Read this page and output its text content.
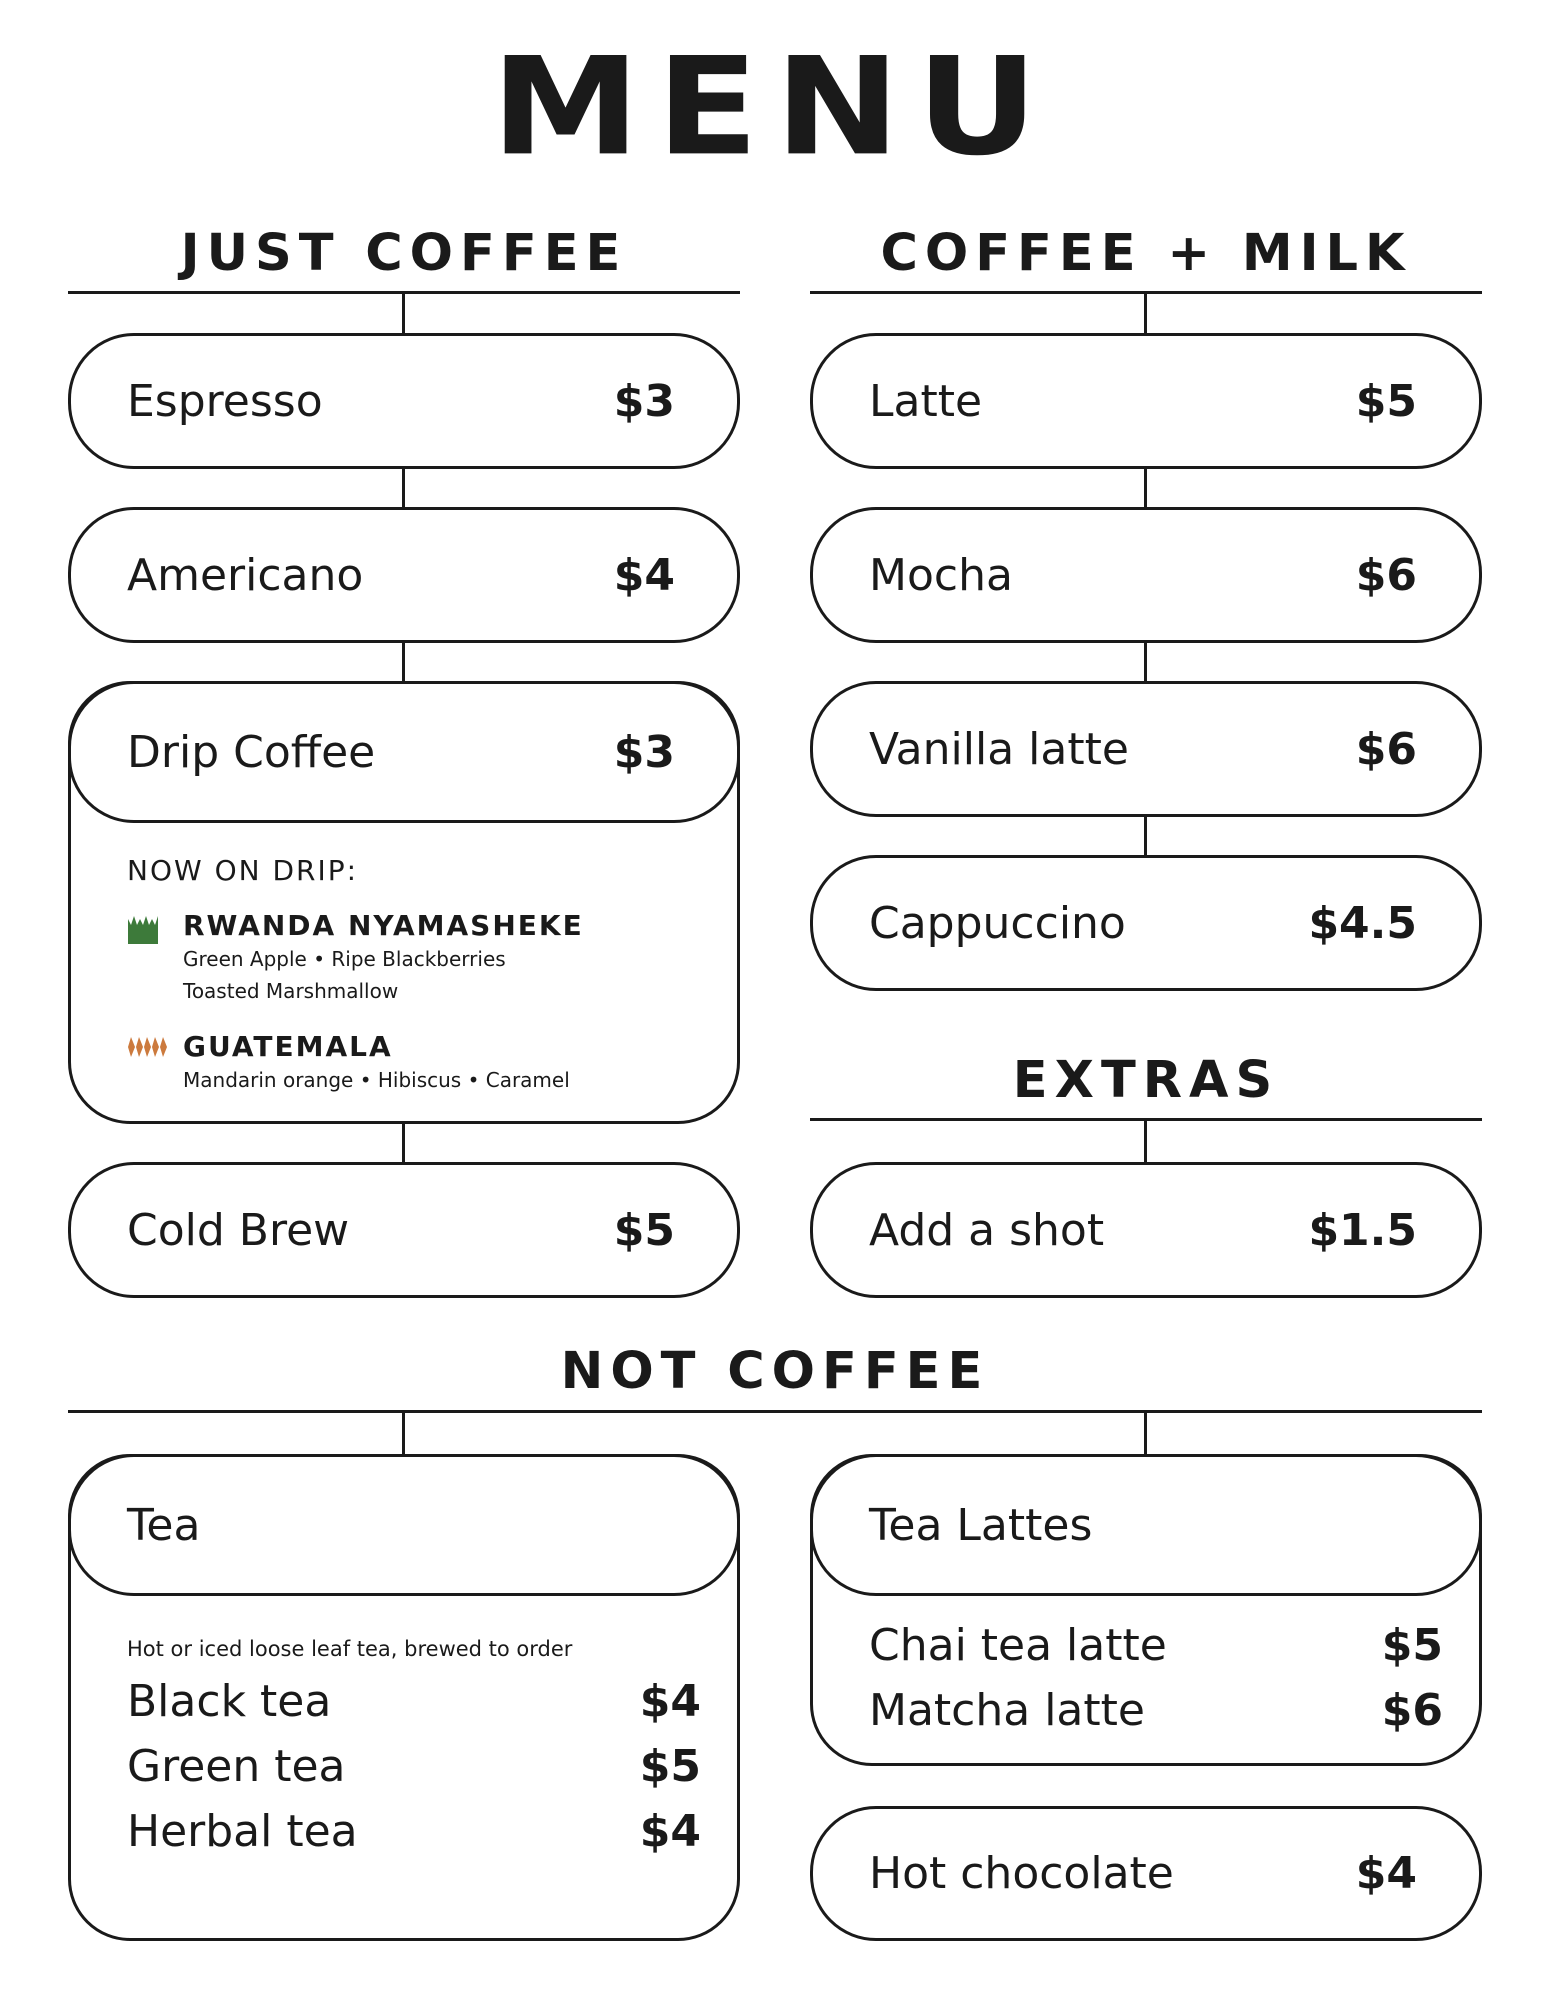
MENU
JUST COFFEE
Espresso	$3
Americano	$4
Drip Coffee	$3
NOW ON DRIP:
RWANDA NYAMASHEKE
Green Apple • Ripe Blackberries
Toasted Marshmallow
GUATEMALA
Mandarin orange • Hibiscus • Caramel
Cold Brew	$5
COFFEE + MILK
Latte	$5
Mocha	$6
Vanilla latte	$6
Cappuccino	$4.5
EXTRAS
Add a shot	$1.5
NOT COFFEE
Tea
Hot or iced loose leaf tea, brewed to order
Black tea	$4
Green tea	$5
Herbal tea	$4
Tea Lattes
Chai tea latte	$5
Matcha latte	$6
Hot chocolate	$4
